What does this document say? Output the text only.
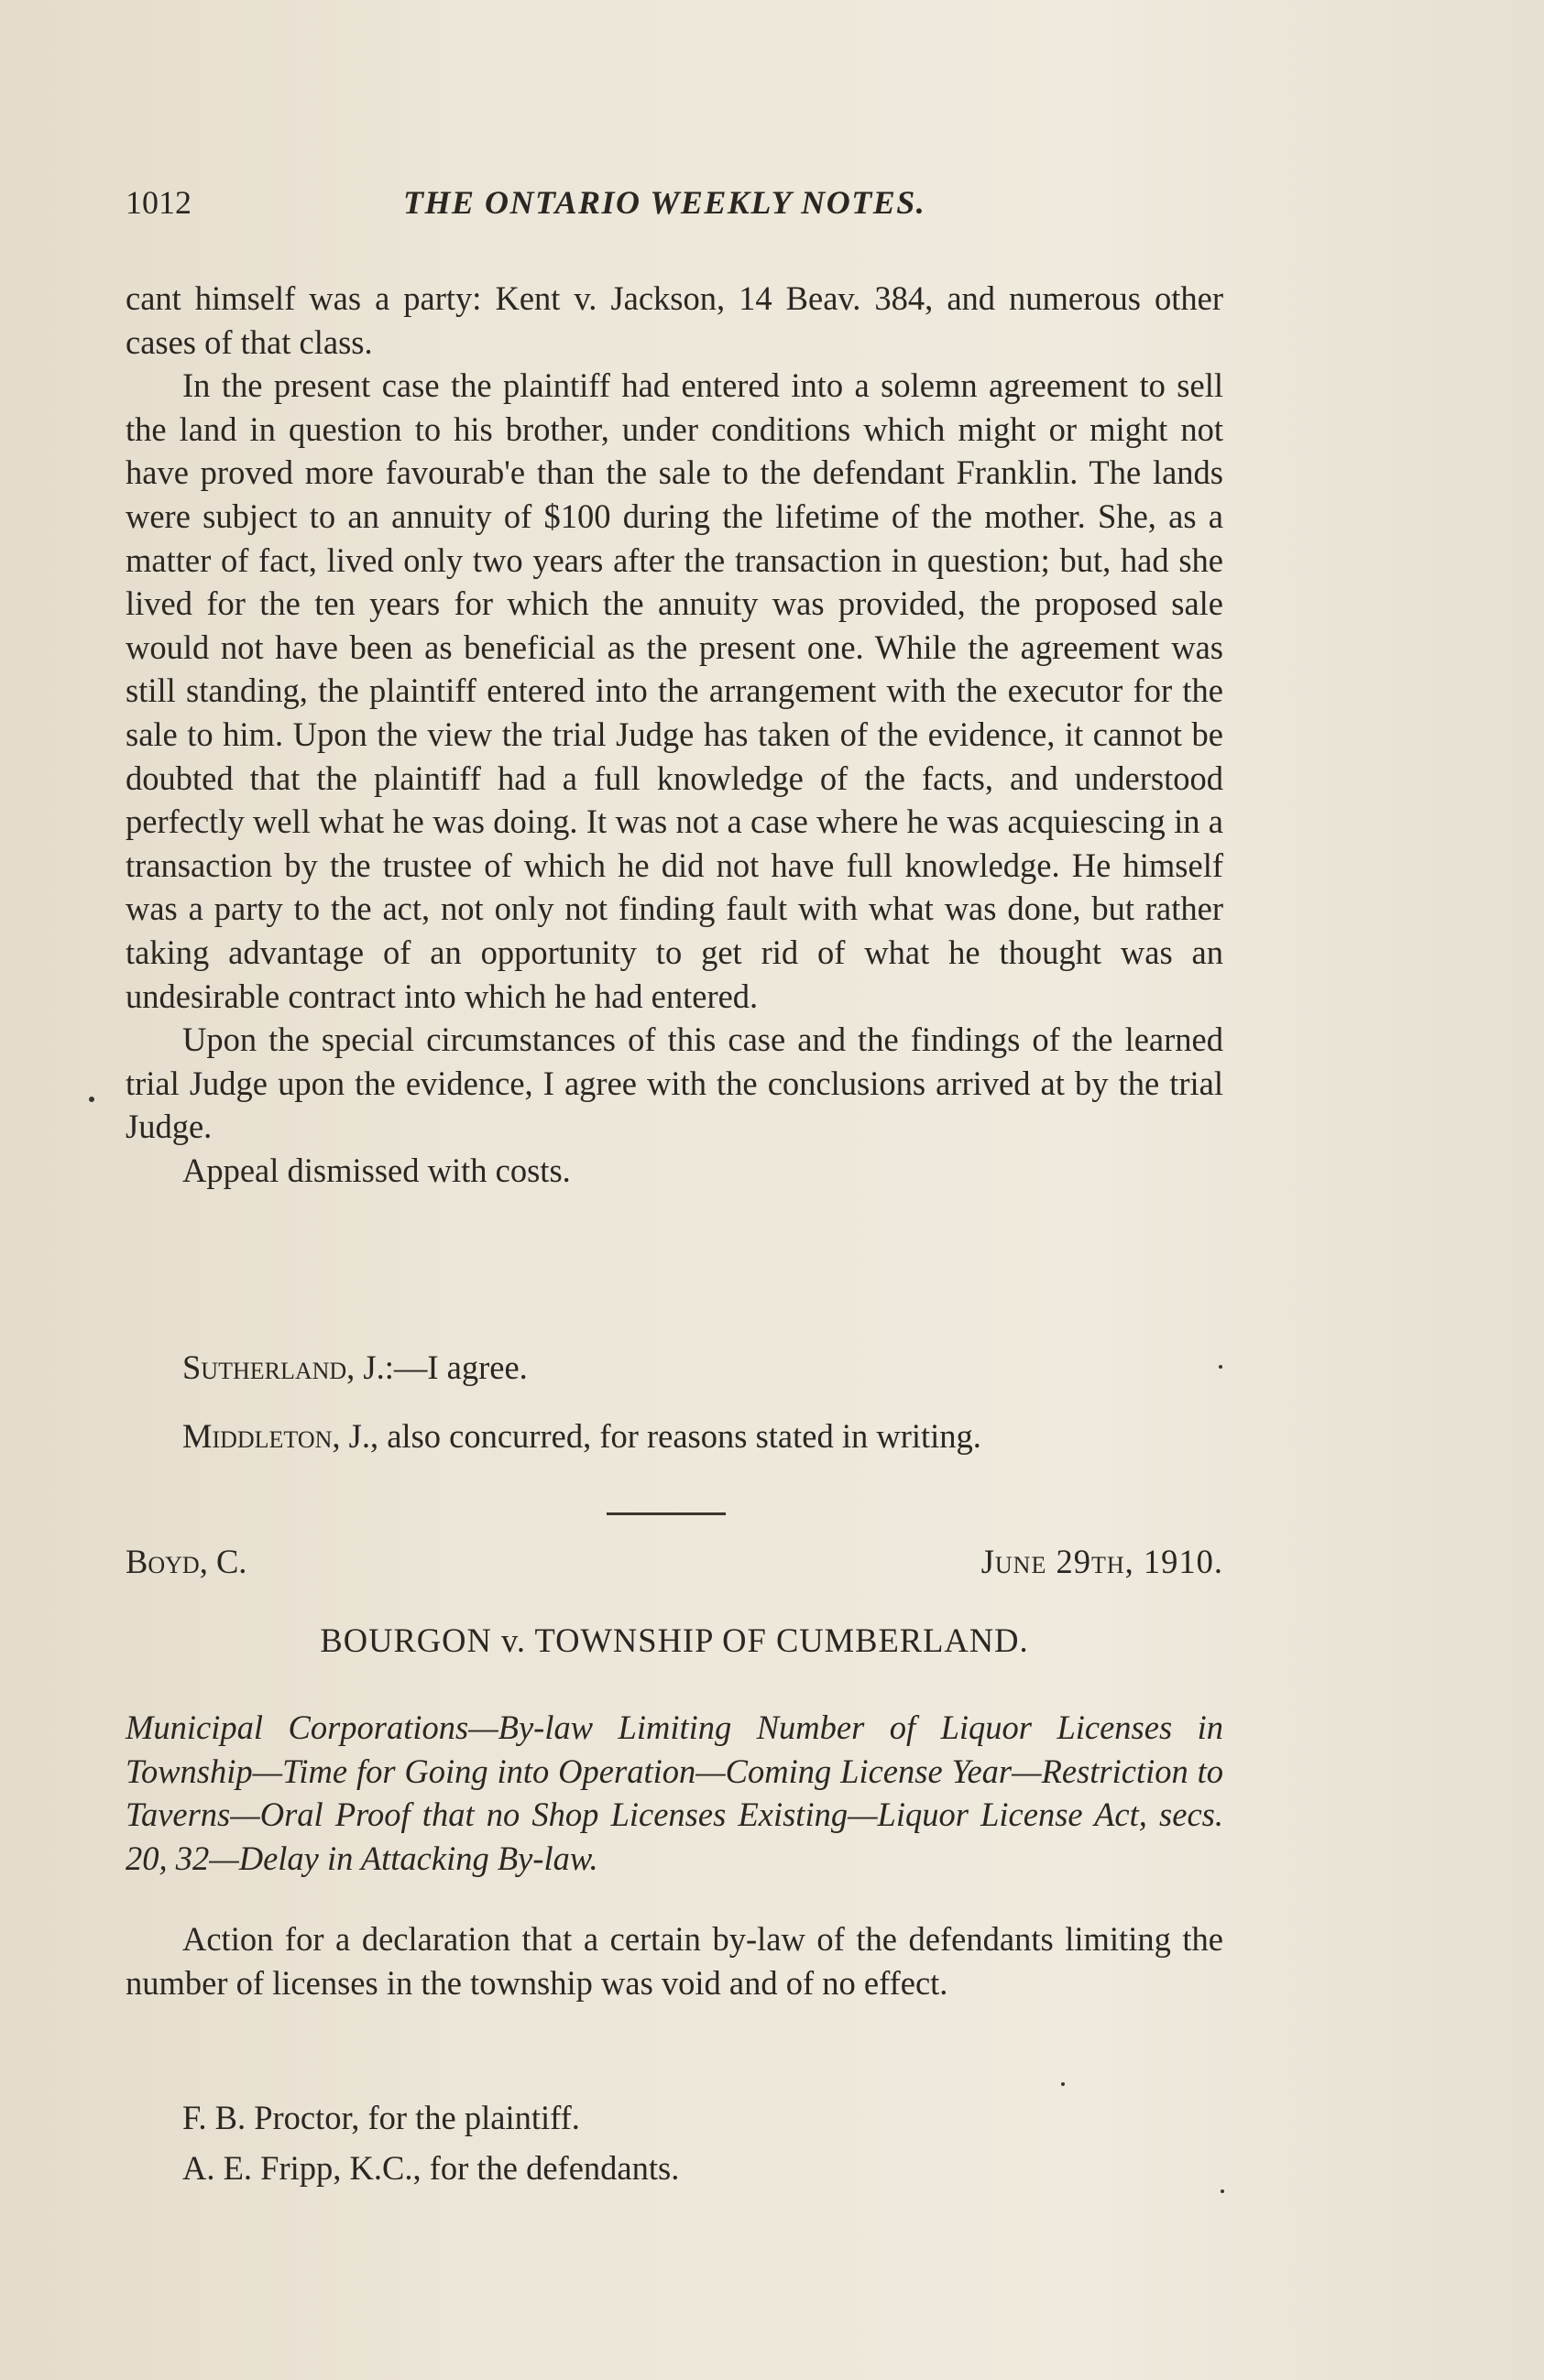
1012	THE ONTARIO WEEKLY NOTES.

cant himself was a party: Kent v. Jackson, 14 Beav. 384, and numerous other cases of that class.

In the present case the plaintiff had entered into a solemn agreement to sell the land in question to his brother, under conditions which might or might not have proved more favourab'e than the sale to the defendant Franklin. The lands were subject to an annuity of $100 during the lifetime of the mother. She, as a matter of fact, lived only two years after the transaction in question; but, had she lived for the ten years for which the annuity was provided, the proposed sale would not have been as beneficial as the present one. While the agreement was still standing, the plaintiff entered into the arrangement with the executor for the sale to him. Upon the view the trial Judge has taken of the evidence, it cannot be doubted that the plaintiff had a full knowledge of the facts, and understood perfectly well what he was doing. It was not a case where he was acquiescing in a transaction by the trustee of which he did not have full knowledge. He himself was a party to the act, not only not finding fault with what was done, but rather taking advantage of an opportunity to get rid of what he thought was an undesirable contract into which he had entered.

Upon the special circumstances of this case and the findings of the learned trial Judge upon the evidence, I agree with the conclusions arrived at by the trial Judge.

Appeal dismissed with costs.

Sutherland, J.:—I agree.
Middleton, J., also concurred, for reasons stated in writing.
Boyd, C.	June 29th, 1910.
BOURGON v. TOWNSHIP OF CUMBERLAND.

Municipal Corporations—By-law Limiting Number of Liquor Licenses in Township—Time for Going into Operation—Coming License Year—Restriction to Taverns—Oral Proof that no Shop Licenses Existing—Liquor License Act, secs. 20, 32—Delay in Attacking By-law.

Action for a declaration that a certain by-law of the defendants limiting the number of licenses in the township was void and of no effect.

F. B. Proctor, for the plaintiff.
A. E. Fripp, K.C., for the defendants.
